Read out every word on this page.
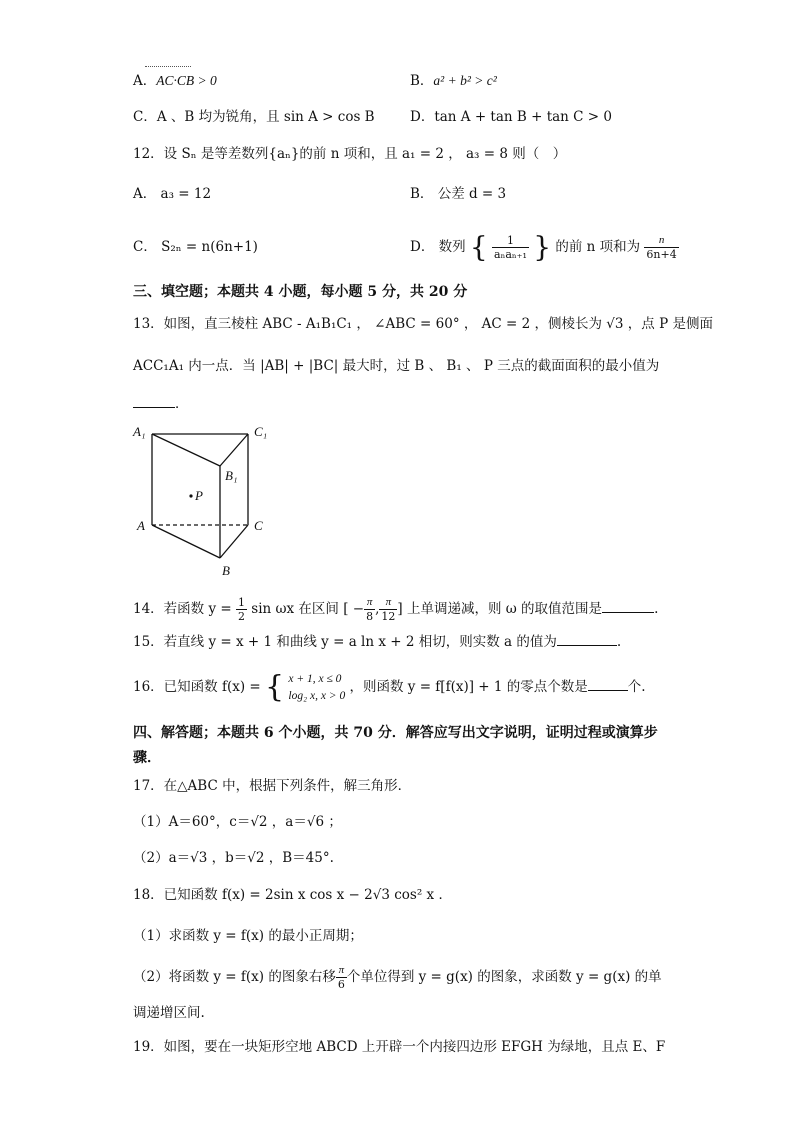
A．AC·CB > 0	B．a² + b² > c²
C．A 、B 均为锐角，且 sin A > cos B	D．tan A + tan B + tan C > 0
12．设 Sₙ 是等差数列{aₙ}的前 n 项和，且 a₁ = 2 ， a₃ = 8 则（　）
A． a₃ = 12	B． 公差 d = 3
C． S₂ₙ = n(6n+1)	D． 数列 { $\frac{1}{\text{aₙaₙ₊₁}}$ } 的前 n 项和为 $\frac{n}{6n+4}$
三、填空题；本题共 4 小题，每小题 5 分，共 20 分
13．如图，直三棱柱 ABC - A₁B₁C₁ ， ∠ABC = 60° ， AC = 2 ，侧棱长为 √3 ，点 P 是侧面
ACC₁A₁ 内一点．当 |AB| + |BC| 最大时，过 B 、 B₁ 、 P 三点的截面面积的最小值为
．
A₁	C₁
B₁
P
A	C
B
14．若函数 $y = \frac{1}{2}$ sin ωx 在区间 [ − $\frac{\pi}{8}$ , $\frac{\pi}{12}$ ] 上单调递减，则 ω 的取值范围是	.
15．若直线 y = x + 1 和曲线 y = a ln x + 2 相切，则实数 a 的值为	.
16．已知函数 f(x) = { x + 1, x ≤ 0
log₂ x, x > 0
，则函数 y = f[f(x)] + 1 的零点个数是	个.
四、解答题；本题共 6 个小题，共 70 分．解答应写出文字说明，证明过程或演算步
骤．
17．在△ABC 中，根据下列条件，解三角形．
（1）A＝60°，c＝√2 ，a＝√6 ；
（2）a＝√3 ，b＝√2 ，B＝45°.
18．已知函数 f(x) = 2sin x cos x − 2√3 cos² x ．
（1）求函数 y = f(x) 的最小正周期；
（2）将函数 y = f(x) 的图象右移 $\frac{\pi}{6}$ 个单位得到 y = g(x) 的图象，求函数 y = g(x) 的单
调递增区间.
19．如图，要在一块矩形空地 ABCD 上开辟一个内接四边形 EFGH 为绿地，且点 E、F
